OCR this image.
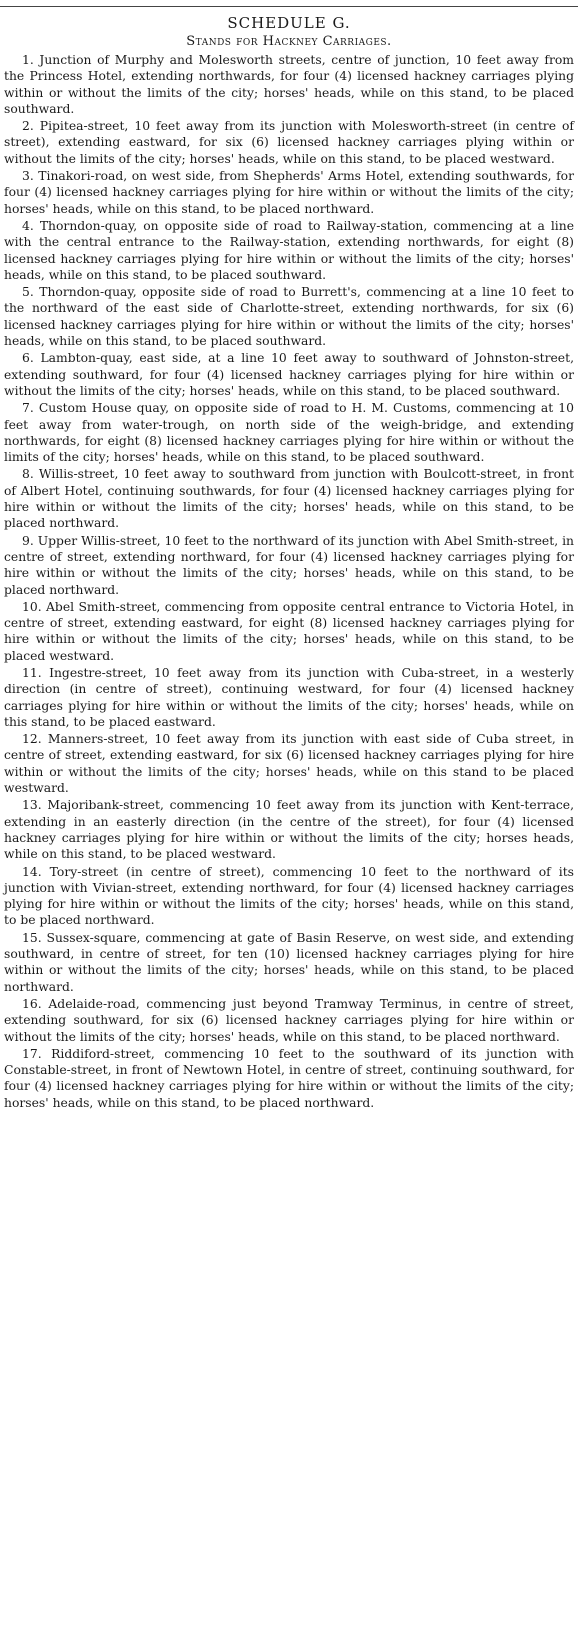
SCHEDULE G.
Stands for Hackney Carriages.

1. Junction of Murphy and Molesworth streets, centre of junction, 10 feet away from the Princess Hotel, extending northwards, for four (4) licensed hackney carriages plying within or without the limits of the city; horses' heads, while on this stand, to be placed southward.

2. Pipitea-street, 10 feet away from its junction with Molesworth-street (in centre of street), extending eastward, for six (6) licensed hackney carriages plying within or without the limits of the city; horses' heads, while on this stand, to be placed westward.

3. Tinakori-road, on west side, from Shepherds' Arms Hotel, extending southwards, for four (4) licensed hackney carriages plying for hire within or without the limits of the city; horses' heads, while on this stand, to be placed northward.

4. Thorndon-quay, on opposite side of road to Railway-station, commencing at a line with the central entrance to the Railway-station, extending northwards, for eight (8) licensed hackney carriages plying for hire within or without the limits of the city; horses' heads, while on this stand, to be placed southward.

5. Thorndon-quay, opposite side of road to Burrett's, commencing at a line 10 feet to the northward of the east side of Charlotte-street, extending northwards, for six (6) licensed hackney carriages plying for hire within or without the limits of the city; horses' heads, while on this stand, to be placed southward.

6. Lambton-quay, east side, at a line 10 feet away to southward of Johnston-street, extending southward, for four (4) licensed hackney carriages plying for hire within or without the limits of the city; horses' heads, while on this stand, to be placed southward.

7. Custom House quay, on opposite side of road to H. M. Customs, commencing at 10 feet away from water-trough, on north side of the weigh-bridge, and extending northwards, for eight (8) licensed hackney carriages plying for hire within or without the limits of the city; horses' heads, while on this stand, to be placed southward.

8. Willis-street, 10 feet away to southward from junction with Boulcott-street, in front of Albert Hotel, continuing southwards, for four (4) licensed hackney carriages plying for hire within or without the limits of the city; horses' heads, while on this stand, to be placed northward.

9. Upper Willis-street, 10 feet to the northward of its junction with Abel Smith-street, in centre of street, extending northward, for four (4) licensed hackney carriages plying for hire within or without the limits of the city; horses' heads, while on this stand, to be placed northward.

10. Abel Smith-street, commencing from opposite central entrance to Victoria Hotel, in centre of street, extending eastward, for eight (8) licensed hackney carriages plying for hire within or without the limits of the city; horses' heads, while on this stand, to be placed westward.

11. Ingestre-street, 10 feet away from its junction with Cuba-street, in a westerly direction (in centre of street), continuing westward, for four (4) licensed hackney carriages plying for hire within or without the limits of the city; horses' heads, while on this stand, to be placed eastward.

12. Manners-street, 10 feet away from its junction with east side of Cuba street, in centre of street, extending eastward, for six (6) licensed hackney carriages plying for hire within or without the limits of the city; horses' heads, while on this stand to be placed westward.

13. Majoribank-street, commencing 10 feet away from its junction with Kent-terrace, extending in an easterly direction (in the centre of the street), for four (4) licensed hackney carriages plying for hire within or without the limits of the city; horses heads, while on this stand, to be placed westward.

14. Tory-street (in centre of street), commencing 10 feet to the northward of its junction with Vivian-street, extending northward, for four (4) licensed hackney carriages plying for hire within or without the limits of the city; horses' heads, while on this stand, to be placed northward.

15. Sussex-square, commencing at gate of Basin Reserve, on west side, and extending southward, in centre of street, for ten (10) licensed hackney carriages plying for hire within or without the limits of the city; horses' heads, while on this stand, to be placed northward.

16. Adelaide-road, commencing just beyond Tramway Terminus, in centre of street, extending southward, for six (6) licensed hackney carriages plying for hire within or without the limits of the city; horses' heads, while on this stand, to be placed northward.

17. Riddiford-street, commencing 10 feet to the southward of its junction with Constable-street, in front of Newtown Hotel, in centre of street, continuing southward, for four (4) licensed hackney carriages plying for hire within or without the limits of the city; horses' heads, while on this stand, to be placed northward.
